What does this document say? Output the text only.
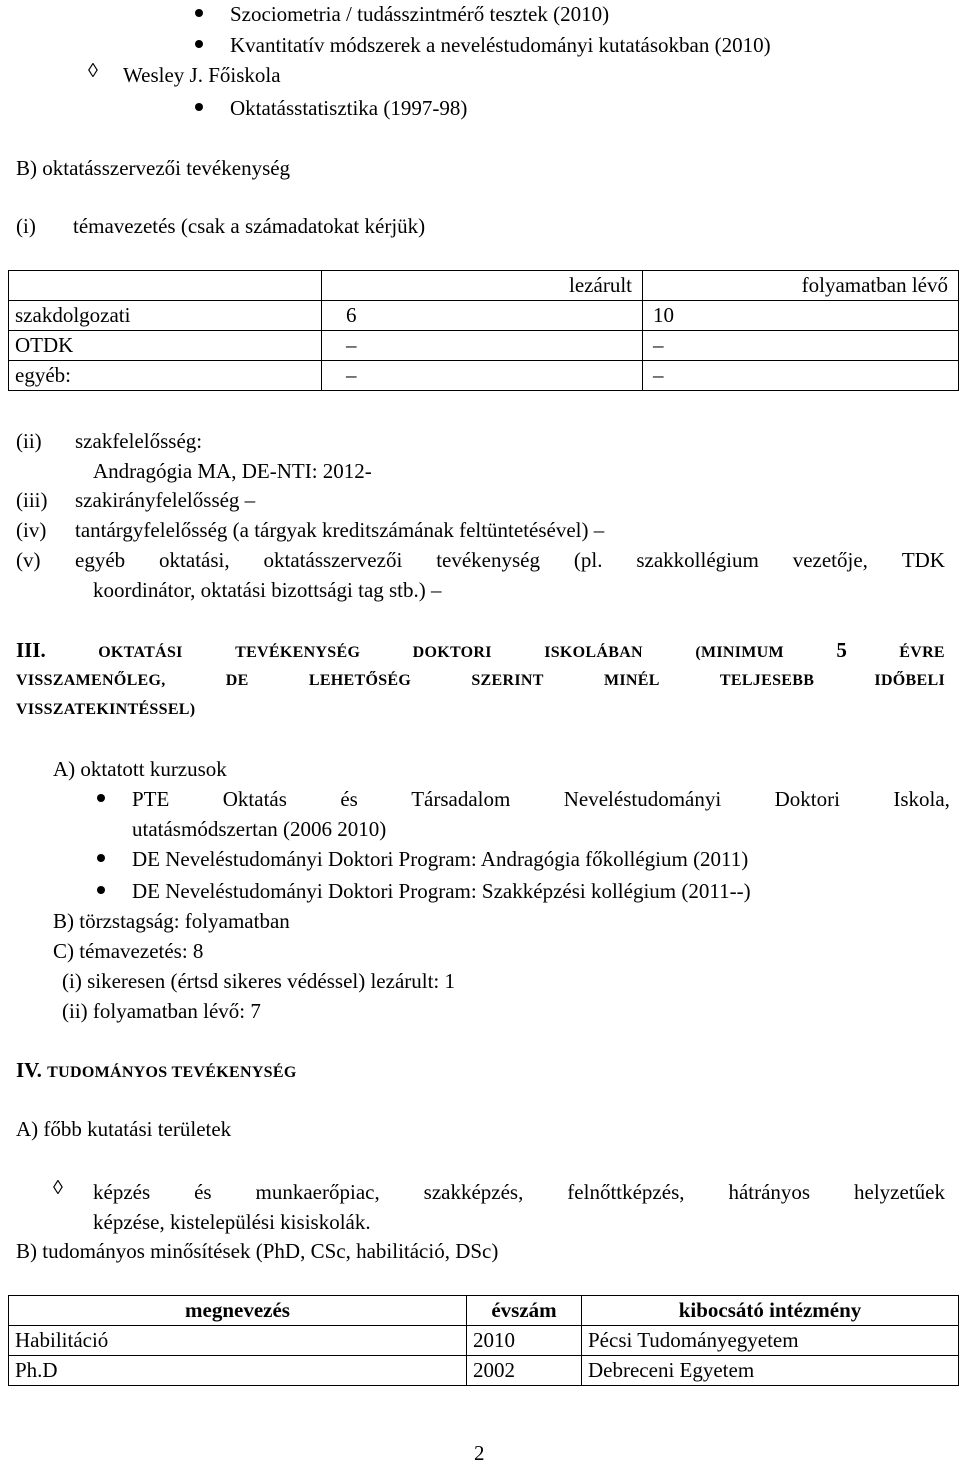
Szociometria / tudásszintmérő tesztek (2010)
Kvantitatív módszerek a neveléstudományi kutatásokban (2010)
◊ Wesley J. Főiskola
Oktatásstatisztika (1997-98)
B) oktatásszervezői tevékenység
(i) témavezetés (csak a számadatokat kérjük)
	lezárult	folyamatban lévő
szakdolgozati	6	10
OTDK	–	–
egyéb:	–	–
(ii) szakfelelősség:
Andragógia MA, DE-NTI: 2012-
(iii) szakirányfelelősség –
(iv) tantárgyfelelősség (a tárgyak kreditszámának feltüntetésével) –
(v) egyéb oktatási, oktatásszervezői tevékenység (pl. szakkollégium vezetője, TDK
koordinátor, oktatási bizottsági tag stb.) –
III.	OKTATÁSI	TEVÉKENYSÉG	DOKTORI	ISKOLÁBAN	(MINIMUM 5	ÉVRE
VISSZAMENŐLEG,	DE	LEHETŐSÉG	SZERINT	MINÉL	TELJESEBB	IDŐBELI
VISSZATEKINTÉSSEL)
A) oktatott kurzusok
PTE	Oktatás	és	Társadalom	Neveléstudományi	Doktori	Iskola,
utatásmódszertan (2006 2010)
DE Neveléstudományi Doktori Program: Andragógia főkollégium (2011)
DE Neveléstudományi Doktori Program: Szakképzési kollégium (2011--)
B) törzstagság: folyamatban
C) témavezetés: 8
(i) sikeresen (értsd sikeres védéssel) lezárult: 1
(ii) folyamatban lévő: 7
IV. TUDOMÁNYOS TEVÉKENYSÉG
A) főbb kutatási területek
◊ képzés és munkaerőpiac, szakképzés, felnőttképzés, hátrányos helyzetűek
képzése, kistelepülési kisiskolák.
B) tudományos minősítések (PhD, CSc, habilitáció, DSc)
megnevezés	évszám	kibocsátó intézmény
Habilitáció	2010	Pécsi Tudományegyetem
Ph.D	2002	Debreceni Egyetem
2
